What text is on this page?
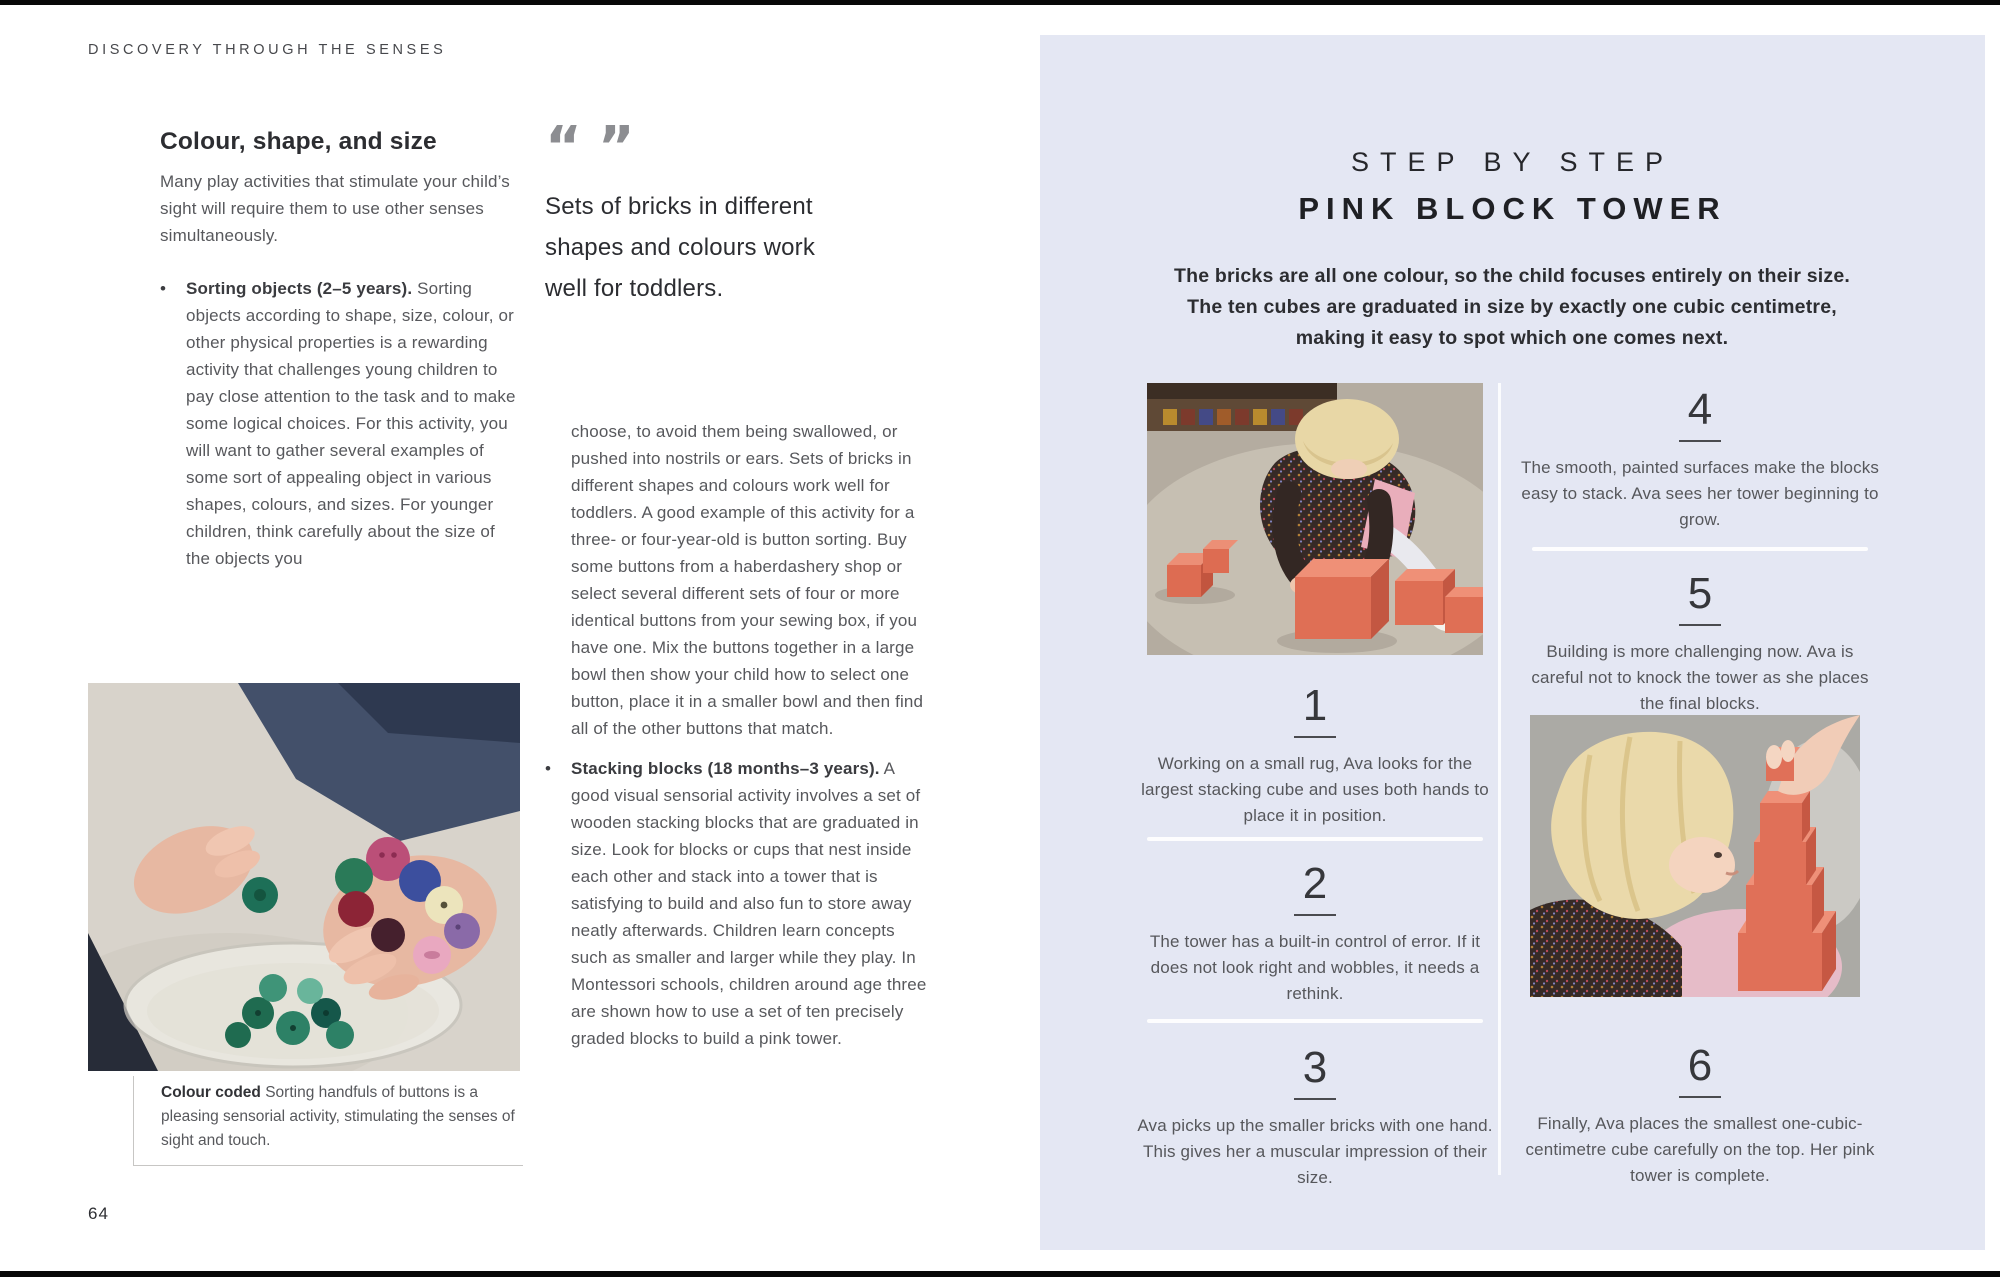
DISCOVERY THROUGH THE SENSES
Colour, shape, and size

Many play activities that stimulate your child’s sight will require them to use other senses simultaneously.

•	Sorting objects (2–5 years). Sorting objects according to shape, size, colour, or other physical properties is a rewarding activity that challenges young children to pay close attention to the task and to make some logical choices. For this activity, you will want to gather several examples of some sort of appealing object in various shapes, colours, and sizes. For younger children, think carefully about the size of the objects you

“ ”

Sets of bricks in different shapes and colours work well for toddlers.

choose, to avoid them being swallowed, or pushed into nostrils or ears. Sets of bricks in different shapes and colours work well for toddlers. A good example of this activity for a three- or four-year-old is button sorting. Buy some buttons from a haberdashery shop or select several different sets of four or more identical buttons from your sewing box, if you have one. Mix the buttons together in a large bowl then show your child how to select one button, place it in a smaller bowl and then find all of the other buttons that match.

•	Stacking blocks (18 months–3 years). A good visual sensorial activity involves a set of wooden stacking blocks that are graduated in size. Look for blocks or cups that nest inside each other and stack into a tower that is satisfying to build and also fun to store away neatly afterwards. Children learn concepts such as smaller and larger while they play. In Montessori schools, children around age three are shown how to use a set of ten precisely graded blocks to build a pink tower.

Colour coded Sorting handfuls of buttons is a pleasing sensorial activity, stimulating the senses of sight and touch.

64

STEP BY STEP

PINK BLOCK TOWER

The bricks are all one colour, so the child focuses entirely on their size. The ten cubes are graduated in size by exactly one cubic centimetre, making it easy to spot which one comes next.

1

Working on a small rug, Ava looks for the largest stacking cube and uses both hands to place it in position.

2

The tower has a built-in control of error. If it does not look right and wobbles, it needs a rethink.

3

Ava picks up the smaller bricks with one hand. This gives her a muscular impression of their size.

4

The smooth, painted surfaces make the blocks easy to stack. Ava sees her tower beginning to grow.

5

Building is more challenging now. Ava is careful not to knock the tower as she places the final blocks.

6

Finally, Ava places the smallest one-cubic-centimetre cube carefully on the top. Her pink tower is complete.
